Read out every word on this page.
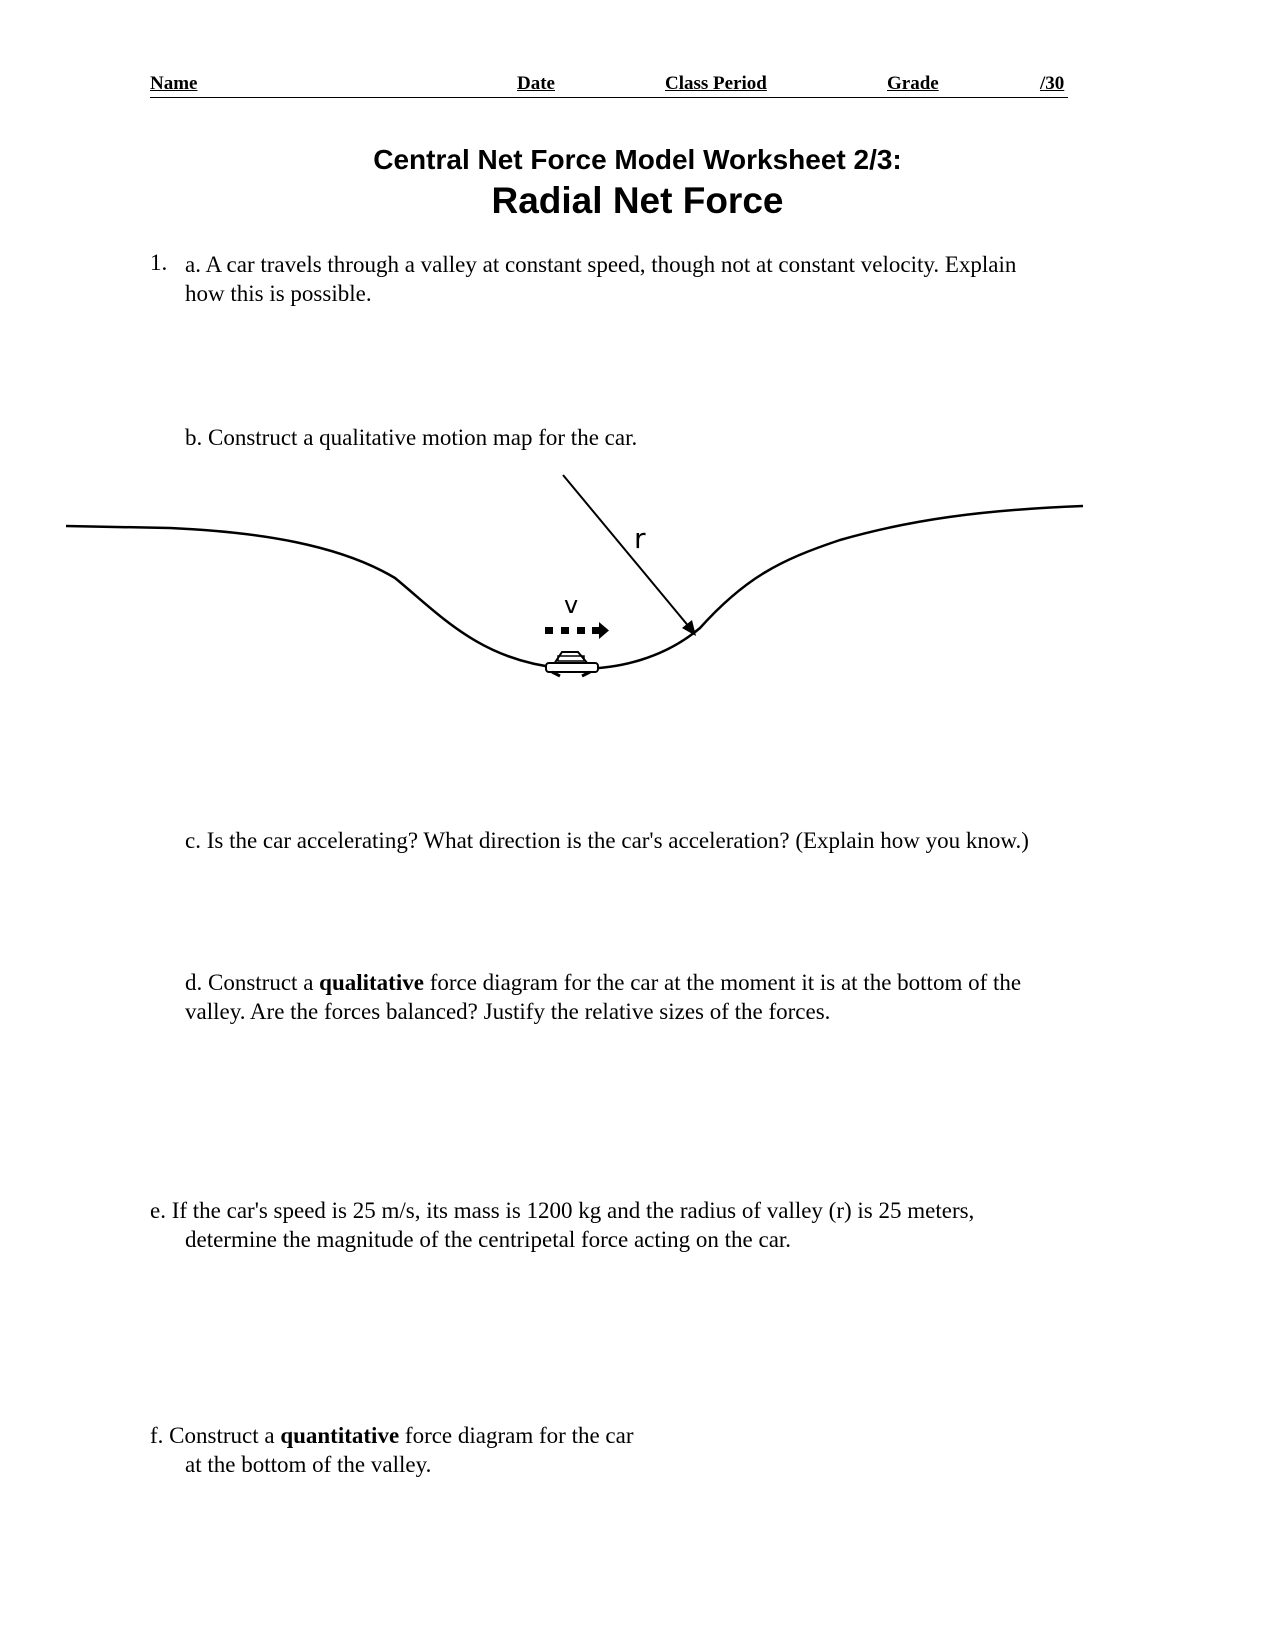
Name	Date	Class Period	Grade	/30
Central Net Force Model Worksheet 2/3:
Radial Net Force
1. a. A car travels through a valley at constant speed, though not at constant velocity. Explain
how this is possible.
b. Construct a qualitative motion map for the car.
r
v
c. Is the car accelerating? What direction is the car's acceleration? (Explain how you know.)
d. Construct a qualitative force diagram for the car at the moment it is at the bottom of the
valley. Are the forces balanced? Justify the relative sizes of the forces.
e. If the car's speed is 25 m/s, its mass is 1200 kg and the radius of valley (r) is 25 meters,
determine the magnitude of the centripetal force acting on the car.
f. Construct a quantitative force diagram for the car
at the bottom of the valley.
